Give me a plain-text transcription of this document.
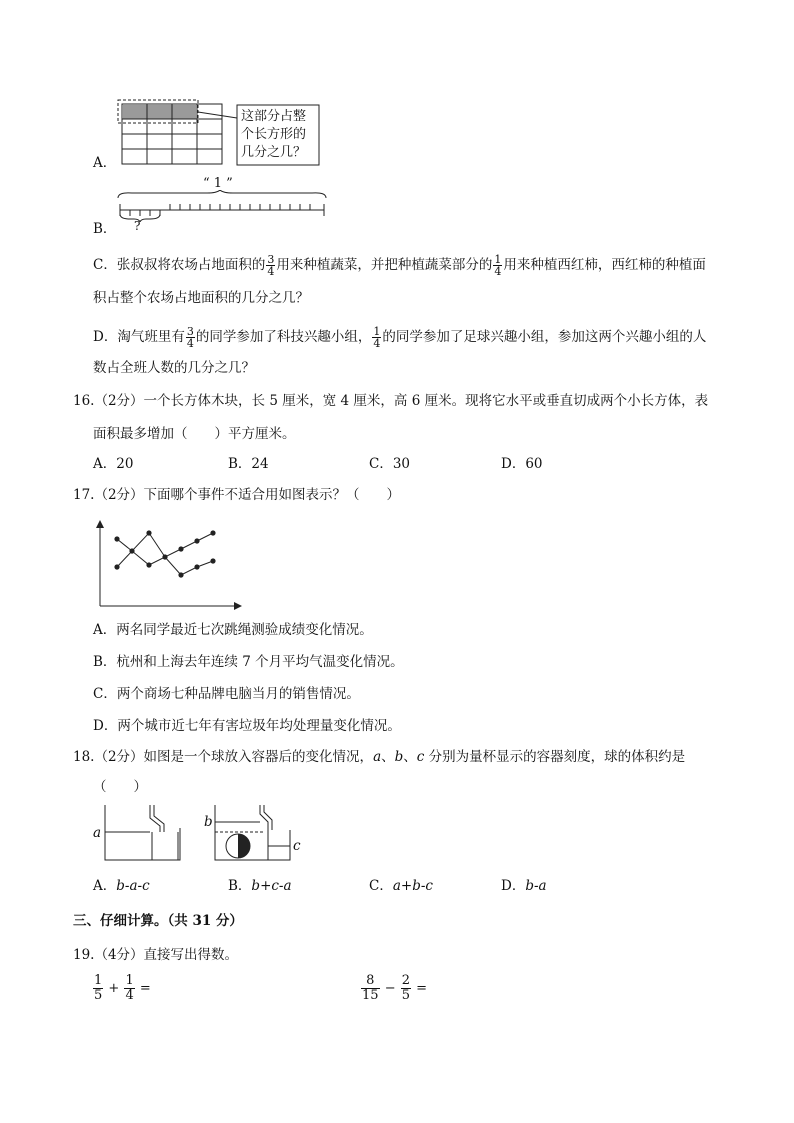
A．
这部分占整
个长方形的
几分之几？
B．
“ 1 ”
?
C．张叔叔将农场占地面积的 $\frac{3}{4}$ 用来种植蔬菜，并把种植蔬菜部分的 $\frac{1}{4}$ 用来种植西红柿，西红柿的种植面
积占整个农场占地面积的几分之几？
D．淘气班里有 $\frac{3}{4}$ 的同学参加了科技兴趣小组， $\frac{1}{4}$ 的同学参加了足球兴趣小组，参加这两个兴趣小组的人
数占全班人数的几分之几？
16.（2分）一个长方体木块，长 5 厘米，宽 4 厘米，高 6 厘米。现将它水平或垂直切成两个小长方体，表
面积最多增加（　　）平方厘米。
A．20	B．24	C．30	D．60
17.（2分）下面哪个事件不适合用如图表示？（　　）
A．两名同学最近七次跳绳测验成绩变化情况。
B．杭州和上海去年连续 7 个月平均气温变化情况。
C．两个商场七种品牌电脑当月的销售情况。
D．两个城市近七年有害垃圾年均处理量变化情况。
18.（2分）如图是一个球放入容器后的变化情况，a、b、c 分别为量杯显示的容器刻度，球的体积约是
（　　）
a
b
c
A．b-a-c	B．b+c-a	C．a+b-c	D．b-a
三、仔细计算。（共 31 分）
19.（4分）直接写出得数。
$\frac{1}{5} + \frac{1}{4}$ =	$\frac{8}{15} - \frac{2}{5}$ =
